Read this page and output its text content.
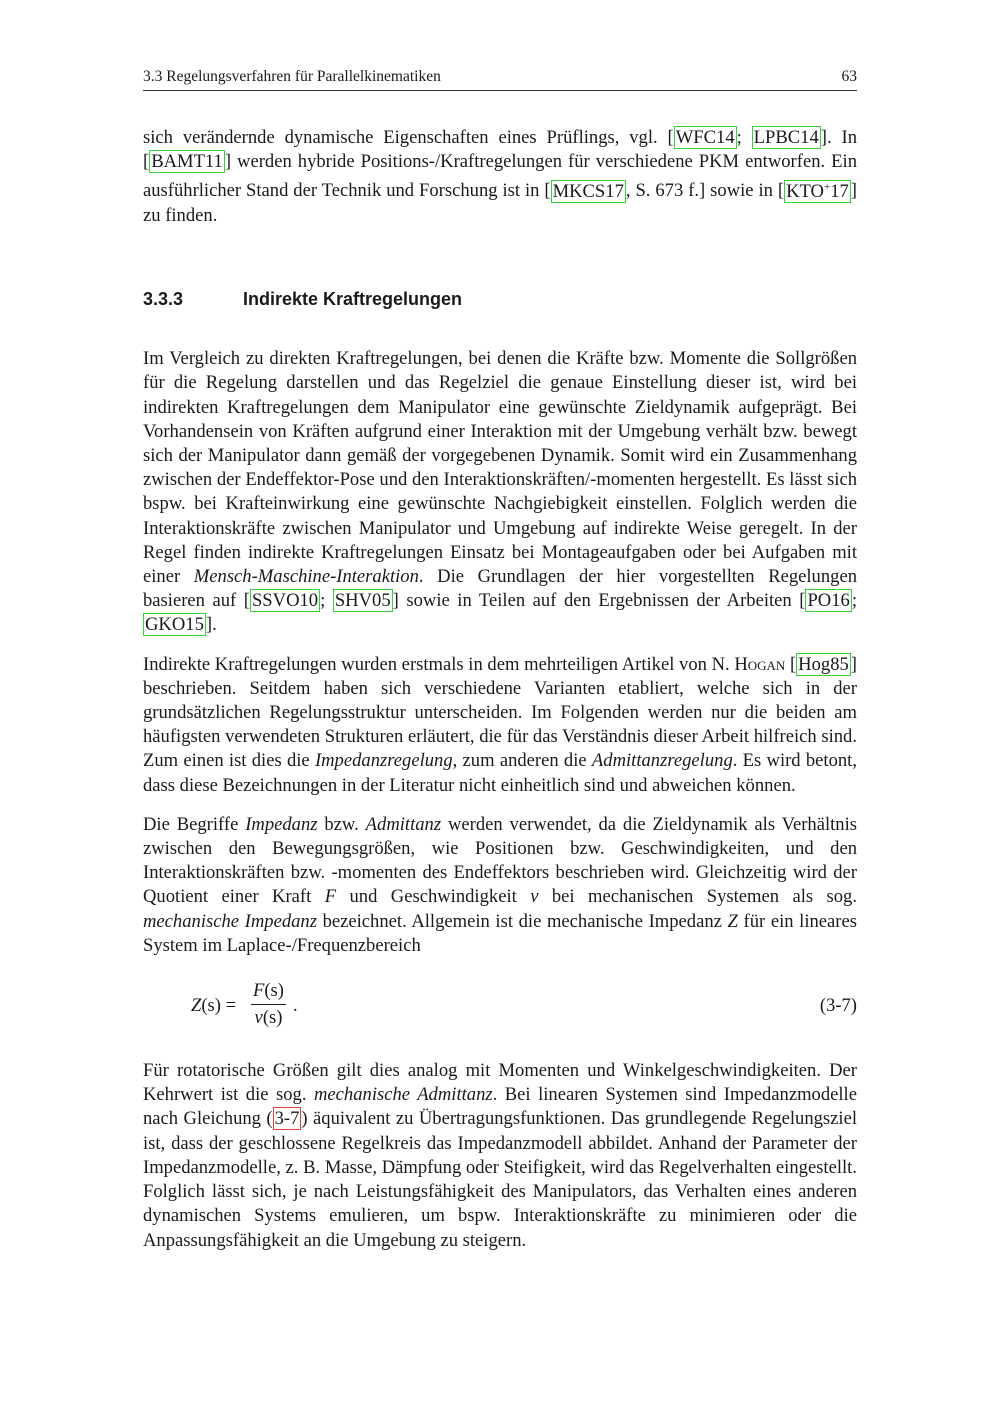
3.3 Regelungsverfahren für Parallelkinematiken	63

sich verändernde dynamische Eigenschaften eines Prüflings, vgl. [ WFC14 ; LPBC14 ]. In [ BAMT11 ] werden hybride Positions-/Kraftregelungen für verschiedene PKM entworfen. Ein ausführlicher Stand der Technik und Forschung ist in [ MKCS17 , S. 673 f.] sowie in [ KTO+17 ] zu finden.

3.3.3	Indirekte Kraftregelungen

Im Vergleich zu direkten Kraftregelungen, bei denen die Kräfte bzw. Momente die Sollgrößen für die Regelung darstellen und das Regelziel die genaue Einstellung dieser ist, wird bei indirekten Kraftregelungen dem Manipulator eine gewünschte Zieldynamik aufgeprägt. Bei Vorhandensein von Kräften aufgrund einer Interaktion mit der Umgebung verhält bzw. bewegt sich der Manipulator dann gemäß der vorgegebenen Dynamik. Somit wird ein Zusammenhang zwischen der Endeffektor-Pose und den Interaktionskräften/-momenten hergestellt. Es lässt sich bspw. bei Krafteinwirkung eine gewünschte Nachgiebigkeit einstellen. Folglich werden die Interaktionskräfte zwischen Manipulator und Umgebung auf indirekte Weise geregelt. In der Regel finden indirekte Kraftregelungen Einsatz bei Montageaufgaben oder bei Aufgaben mit einer Mensch-Maschine-Interaktion. Die Grundlagen der hier vorgestellten Regelungen basieren auf [ SSVO10 ; SHV05 ] sowie in Teilen auf den Ergebnissen der Arbeiten [ PO16 ; GKO15 ].

Indirekte Kraftregelungen wurden erstmals in dem mehrteiligen Artikel von N. Hogan [ Hog85 ] beschrieben. Seitdem haben sich verschiedene Varianten etabliert, welche sich in der grundsätzlichen Regelungsstruktur unterscheiden. Im Folgenden werden nur die beiden am häufigsten verwendeten Strukturen erläutert, die für das Verständnis dieser Arbeit hilfreich sind. Zum einen ist dies die Impedanzregelung, zum anderen die Admittanzregelung. Es wird betont, dass diese Bezeichnungen in der Literatur nicht einheitlich sind und abweichen können.

Die Begriffe Impedanz bzw. Admittanz werden verwendet, da die Zieldynamik als Verhältnis zwischen den Bewegungsgrößen, wie Positionen bzw. Geschwindigkeiten, und den Interaktionskräften bzw. -momenten des Endeffektors beschrieben wird. Gleichzeitig wird der Quotient einer Kraft F und Geschwindigkeit v bei mechanischen Systemen als sog. mechanische Impedanz bezeichnet. Allgemein ist die mechanische Impedanz Z für ein lineares System im Laplace-/Frequenzbereich

$Z(s) = \frac{F(s)}{v(s)}$ .	(3-7)

Für rotatorische Größen gilt dies analog mit Momenten und Winkelgeschwindigkeiten. Der Kehrwert ist die sog. mechanische Admittanz. Bei linearen Systemen sind Impedanzmodelle nach Gleichung ( 3-7 ) äquivalent zu Übertragungsfunktionen. Das grundlegende Regelungsziel ist, dass der geschlossene Regelkreis das Impedanzmodell abbildet. Anhand der Parameter der Impedanzmodelle, z. B. Masse, Dämpfung oder Steifigkeit, wird das Regelverhalten eingestellt. Folglich lässt sich, je nach Leistungsfähigkeit des Manipulators, das Verhalten eines anderen dynamischen Systems emulieren, um bspw. Interaktionskräfte zu minimieren oder die Anpassungsfähigkeit an die Umgebung zu steigern.
